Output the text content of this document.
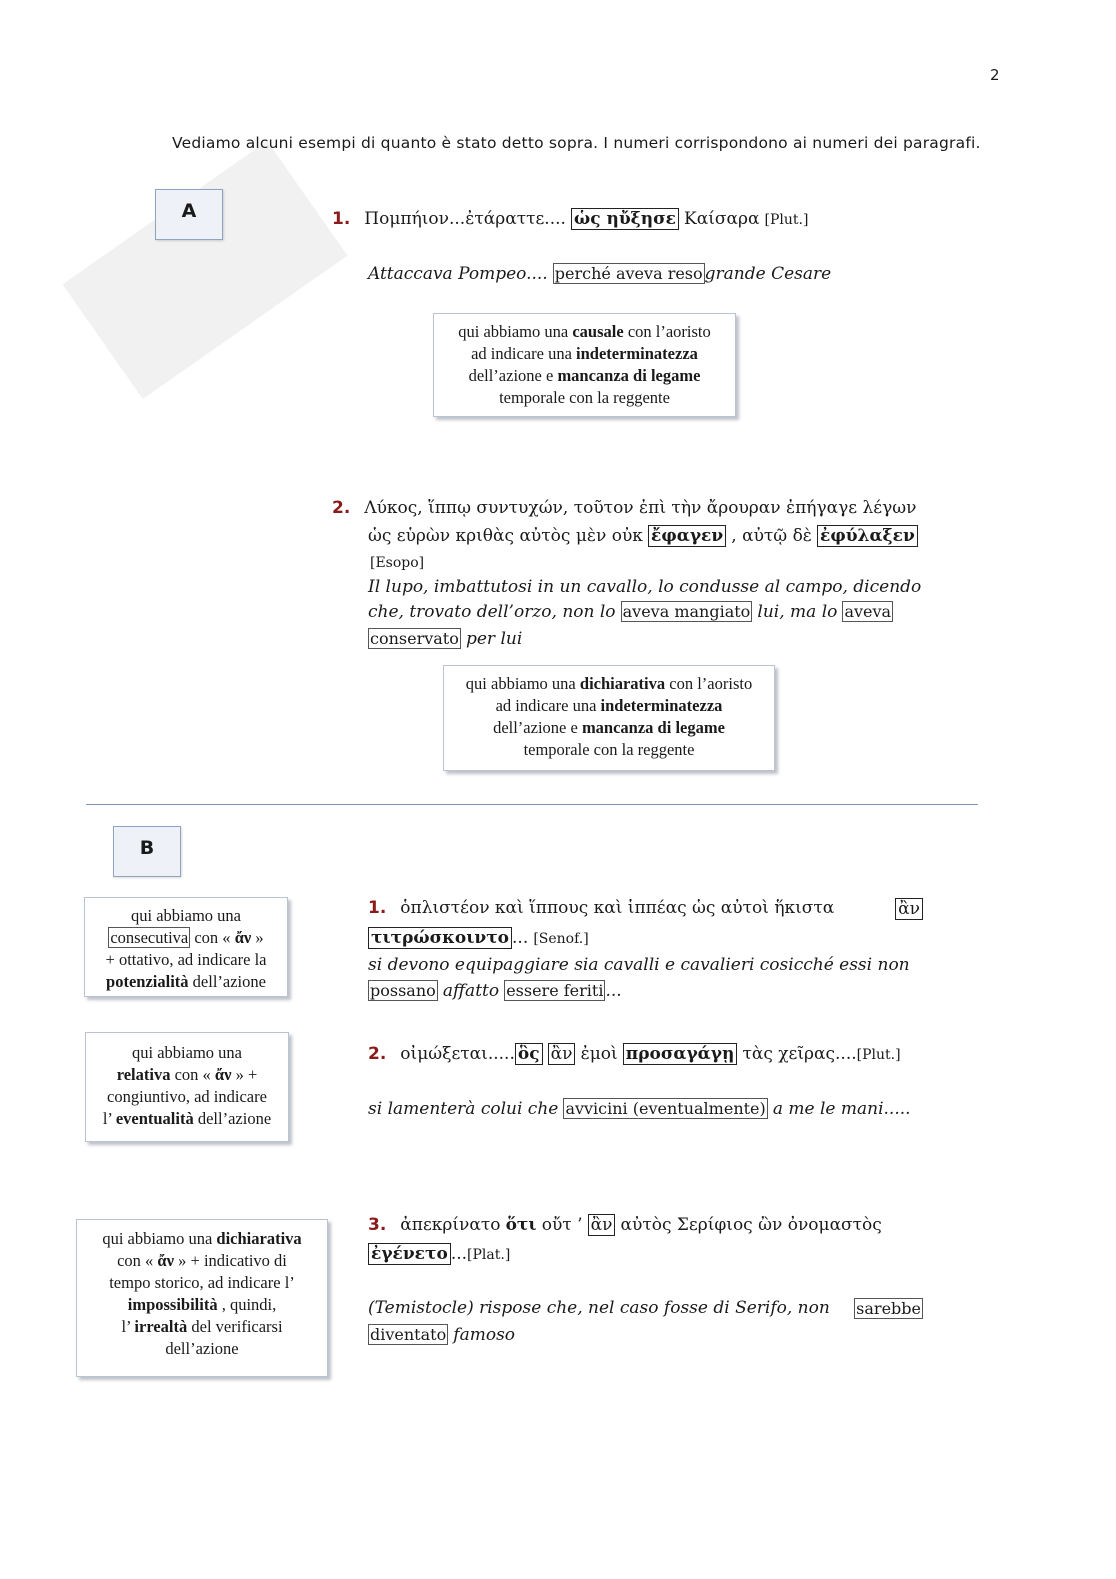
2
Vediamo alcuni esempi di quanto è stato detto sopra. I numeri corrispondono ai numeri dei paragrafi.
A	1. Πομπήιον...ἐτάραττε.... ὡς ηὔξησε Καίσαρα [Plut.]
Attaccava Pompeo.... perché aveva reso grande Cesare
qui abbiamo una causale con l’aoristo
ad indicare una indeterminatezza
dell’azione e mancanza di legame
temporale con la reggente
2. Λύκος, ἵππῳ συντυχών, τοῦτον ἐπὶ τὴν ἄρουραν ἐπήγαγε λέγων
ὡς εὑρὼν κριθὰς αὐτὸς μὲν οὐκ ἔφαγεν , αὐτῷ δὲ ἐφύλαξεν
[Esopo]
Il lupo, imbattutosi in un cavallo, lo condusse al campo, dicendo
che, trovato dell’orzo, non lo aveva mangiato lui, ma lo aveva
conservato per lui
qui abbiamo una dichiarativa con l’aoristo
ad indicare una indeterminatezza
dell’azione e mancanza di legame
temporale con la reggente
B
qui abbiamo una
consecutiva con « ἄν »
+ ottativo, ad indicare la
potenzialità dell’azione
1. ὁπλιστέον καὶ ἵππους καὶ ἱππέας ὡς αὐτοὶ ἥκιστα	ἂν
τιτρώσκοιντο ... [Senof.]
si devono equipaggiare sia cavalli e cavalieri cosicché essi non
possano affatto essere feriti ...
qui abbiamo una
relativa con « ἄν » +
congiuntivo, ad indicare
l’ eventualità dell’azione
2. οἰμώξεται..... ὃς ἂν ἐμοὶ προσαγάγῃ τὰς χεῖρας....[Plut.]
si lamenterà colui che avvicini (eventualmente) a me le mani.....
qui abbiamo una dichiarativa
con « ἄν » + indicativo di
tempo storico, ad indicare l’
impossibilità , quindi,
l’ irrealtà del verificarsi
dell’azione
3. ἀπεκρίνατο ὅτι οὔτ ’ ἂν αὐτὸς Σερίφιος ὢν ὀνομαστὸς
ἐγένετο ...[Plat.]
(Temistocle) rispose che, nel caso fosse di Serifo, non sarebbe
diventato famoso
